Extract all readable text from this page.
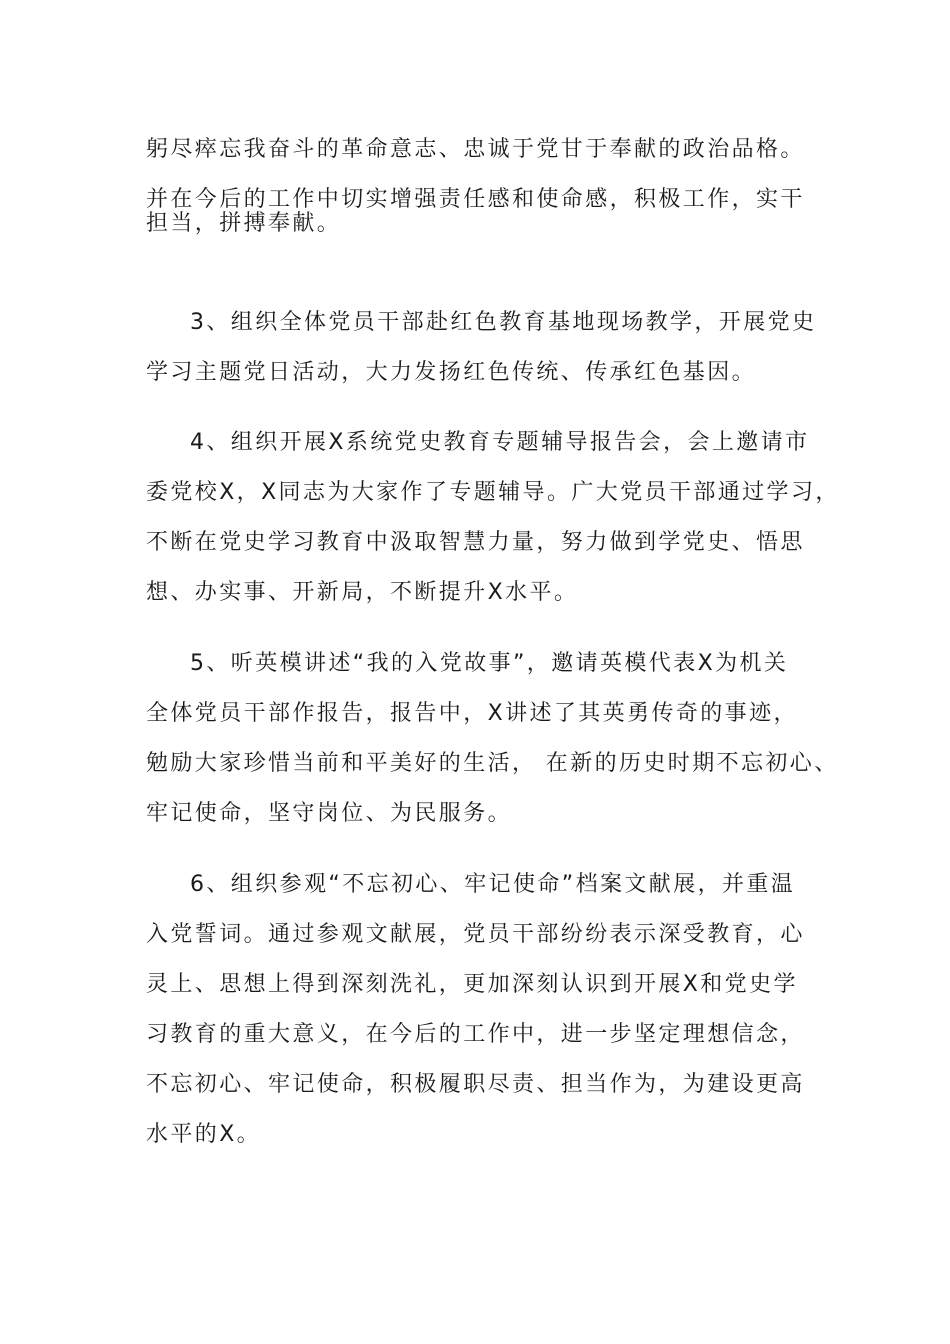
躬尽瘁忘我奋斗的革命意志、忠诚于党甘于奉献的政治品格。
并在今后的工作中切实增强责任感和使命感，积极工作，实干
担当，拼搏奉献。
3、组织全体党员干部赴红色教育基地现场教学，开展党史
学习主题党日活动，大力发扬红色传统、传承红色基因。
4、组织开展X系统党史教育专题辅导报告会，会上邀请市
委党校X，X同志为大家作了专题辅导。广大党员干部通过学习，
不断在党史学习教育中汲取智慧力量，努力做到学党史、悟思
想、办实事、开新局，不断提升X水平。
5、听英模讲述“我的入党故事”，邀请英模代表X为机关
全体党员干部作报告，报告中，X讲述了其英勇传奇的事迹，
勉励大家珍惜当前和平美好的生活， 在新的历史时期不忘初心、
牢记使命，坚守岗位、为民服务。
6、组织参观“不忘初心、牢记使命”档案文献展，并重温
入党誓词。通过参观文献展，党员干部纷纷表示深受教育，心
灵上、思想上得到深刻洗礼，更加深刻认识到开展X和党史学
习教育的重大意义，在今后的工作中，进一步坚定理想信念，
不忘初心、牢记使命，积极履职尽责、担当作为，为建设更高
水平的X。
